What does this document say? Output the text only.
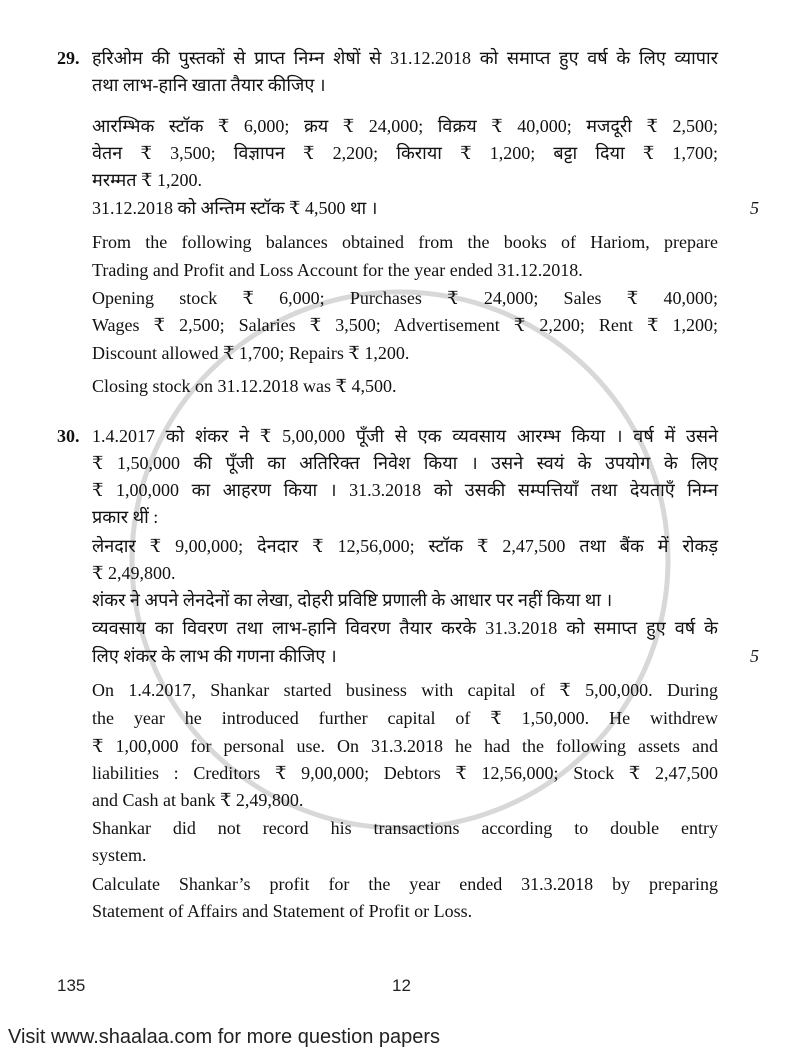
29.
5
हरिओम की पुस्तकों से प्राप्त निम्न शेषों से 31.12.2018 को समाप्त हुए वर्ष के लिए व्यापार
तथा लाभ-हानि खाता तैयार कीजिए ।
आरम्भिक स्टॉक ₹ 6,000; क्रय ₹ 24,000; विक्रय ₹ 40,000; मजदूरी ₹ 2,500;
वेतन ₹ 3,500; विज्ञापन ₹ 2,200; किराया ₹ 1,200; बट्टा दिया ₹ 1,700;
मरम्मत ₹ 1,200.
31.12.2018 को अन्तिम स्टॉक ₹ 4,500 था ।
From the following balances obtained from the books of Hariom, prepare
Trading and Profit and Loss Account for the year ended 31.12.2018.
Opening stock ₹ 6,000; Purchases ₹ 24,000; Sales ₹ 40,000;
Wages ₹ 2,500; Salaries ₹ 3,500; Advertisement ₹ 2,200; Rent ₹ 1,200;
Discount allowed ₹ 1,700; Repairs ₹ 1,200.
Closing stock on 31.12.2018 was ₹ 4,500.
30.
5
1.4.2017 को शंकर ने ₹ 5,00,000 पूँजी से एक व्यवसाय आरम्भ किया । वर्ष में उसने
₹ 1,50,000 की पूँजी का अतिरिक्त निवेश किया । उसने स्वयं के उपयोग के लिए
₹ 1,00,000 का आहरण किया । 31.3.2018 को उसकी सम्पत्तियाँ तथा देयताएँ निम्न
प्रकार थीं :
लेनदार ₹ 9,00,000; देनदार ₹ 12,56,000; स्टॉक ₹ 2,47,500 तथा बैंक में रोकड़
₹ 2,49,800.
शंकर ने अपने लेनदेनों का लेखा, दोहरी प्रविष्टि प्रणाली के आधार पर नहीं किया था ।
व्यवसाय का विवरण तथा लाभ-हानि विवरण तैयार करके 31.3.2018 को समाप्त हुए वर्ष के
लिए शंकर के लाभ की गणना कीजिए ।
On 1.4.2017, Shankar started business with capital of ₹ 5,00,000. During
the year he introduced further capital of ₹ 1,50,000. He withdrew
₹ 1,00,000 for personal use. On 31.3.2018 he had the following assets and
liabilities : Creditors ₹ 9,00,000; Debtors ₹ 12,56,000; Stock ₹ 2,47,500
and Cash at bank ₹ 2,49,800.
Shankar did not record his transactions according to double entry
system.
Calculate Shankar’s profit for the year ended 31.3.2018 by preparing
Statement of Affairs and Statement of Profit or Loss.
135	12
Visit www.shaalaa.com for more question papers
